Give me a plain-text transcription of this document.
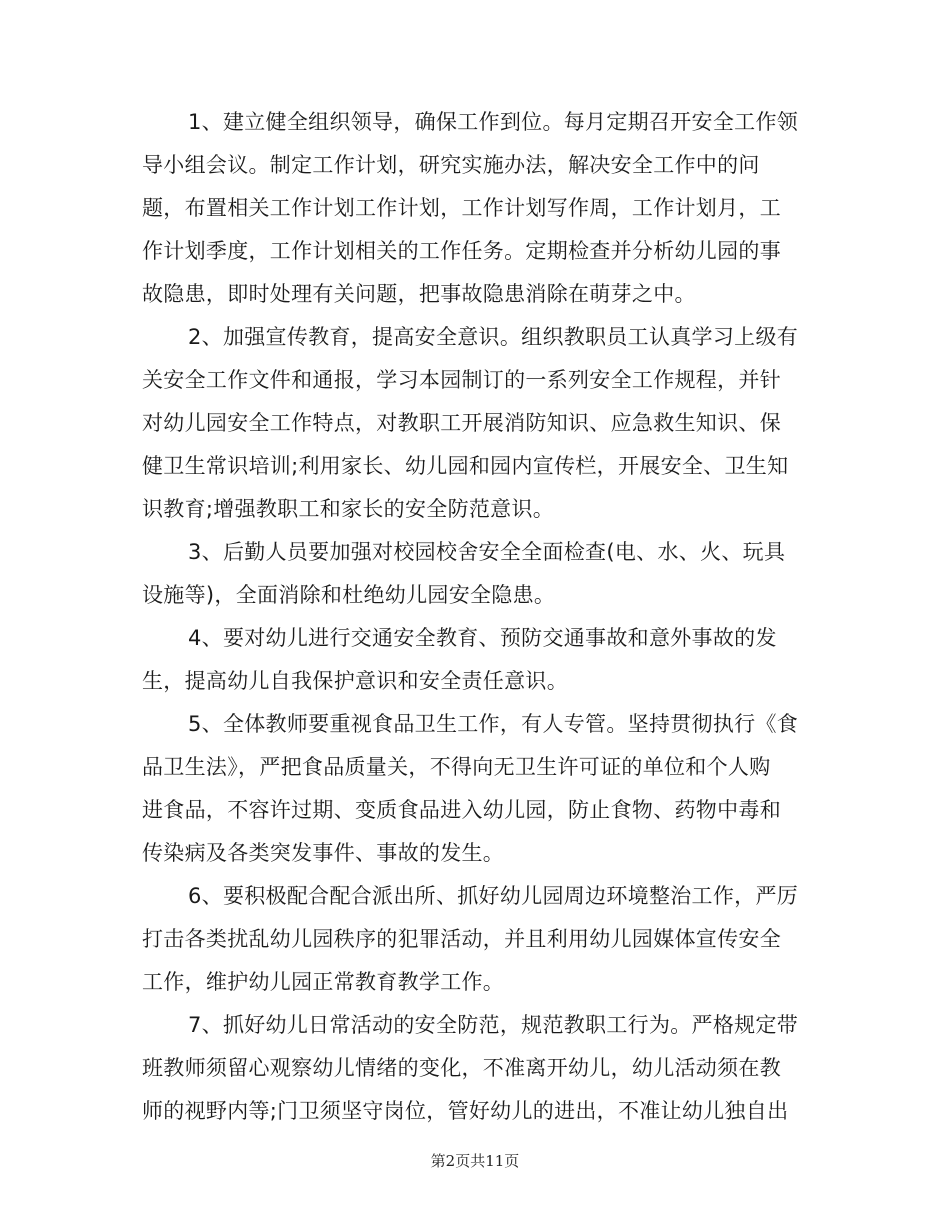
1、建立健全组织领导，确保工作到位。每月定期召开安全工作领
导小组会议。制定工作计划，研究实施办法，解决安全工作中的问
题，布置相关工作计划工作计划，工作计划写作周，工作计划月，工
作计划季度，工作计划相关的工作任务。定期检查并分析幼儿园的事
故隐患，即时处理有关问题，把事故隐患消除在萌芽之中。
2、加强宣传教育，提高安全意识。组织教职员工认真学习上级有
关安全工作文件和通报，学习本园制订的一系列安全工作规程，并针
对幼儿园安全工作特点，对教职工开展消防知识、应急救生知识、保
健卫生常识培训;利用家长、幼儿园和园内宣传栏，开展安全、卫生知
识教育;增强教职工和家长的安全防范意识。
3、后勤人员要加强对校园校舍安全全面检查(电、水、火、玩具
设施等)，全面消除和杜绝幼儿园安全隐患。
4、要对幼儿进行交通安全教育、预防交通事故和意外事故的发
生，提高幼儿自我保护意识和安全责任意识。
5、全体教师要重视食品卫生工作，有人专管。坚持贯彻执行《食
品卫生法》，严把食品质量关，不得向无卫生许可证的单位和个人购
进食品，不容许过期、变质食品进入幼儿园，防止食物、药物中毒和
传染病及各类突发事件、事故的发生。
6、要积极配合配合派出所、抓好幼儿园周边环境整治工作，严厉
打击各类扰乱幼儿园秩序的犯罪活动，并且利用幼儿园媒体宣传安全
工作，维护幼儿园正常教育教学工作。
7、抓好幼儿日常活动的安全防范，规范教职工行为。严格规定带
班教师须留心观察幼儿情绪的变化，不准离开幼儿，幼儿活动须在教
师的视野内等;门卫须坚守岗位，管好幼儿的进出，不准让幼儿独自出
第2页共11页
